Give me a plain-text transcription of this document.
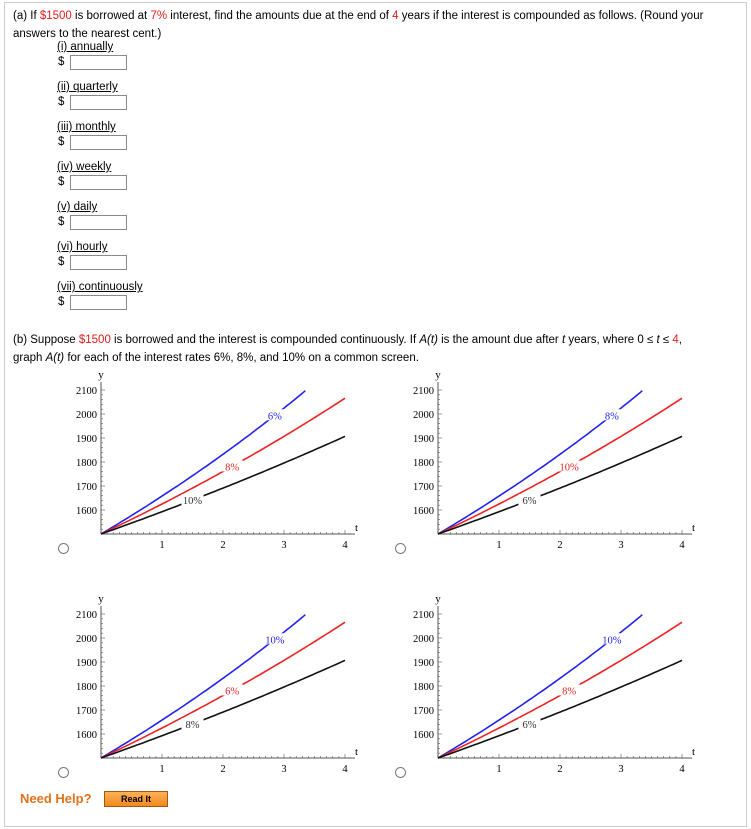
(a) If $1500 is borrowed at 7% interest, find the amounts due at the end of 4 years if the interest is compounded as follows. (Round your answers to the nearest cent.)
(i) annually
$
(ii) quarterly
$
(iii) monthly
$
(iv) weekly
$
(v) daily
$
(vi) hourly
$
(vii) continuously
$
(b) Suppose $1500 is borrowed and the interest is compounded continuously. If A(t) is the amount due after t years, where 0 ≤ t ≤ 4,
graph A(t) for each of the interest rates 6%, 8%, and 10% on a common screen.
1	2	3	4
1600
1700
1800
1900
2000
2100
t
y
6%
8%
10%
1	2	3	4
1600
1700
1800
1900
2000
2100
t
y
8%
10%
6%
1	2	3	4
1600
1700
1800
1900
2000
2100
t
y
10%
6%
8%
1	2	3	4
1600
1700
1800
1900
2000
2100
t
y
10%
8%
6%
Need Help?	Read It
